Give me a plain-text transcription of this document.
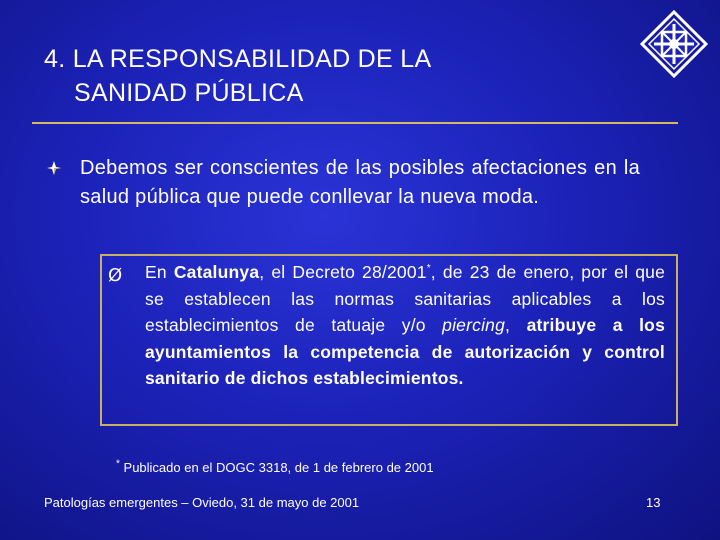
4. LA RESPONSABILIDAD DE LA
SANIDAD PÚBLICA
Debemos ser conscientes de las posibles afectaciones en la salud pública que puede conllevar la nueva moda.
Ø En Catalunya, el Decreto 28/2001*, de 23 de enero, por el que se establecen las normas sanitarias aplicables a los establecimientos de tatuaje y/o piercing, atribuye a los ayuntamientos la competencia de autorización y control sanitario de dichos establecimientos.
* Publicado en el DOGC 3318, de 1 de febrero de 2001
Patologías emergentes – Oviedo, 31 de mayo de 2001	13
